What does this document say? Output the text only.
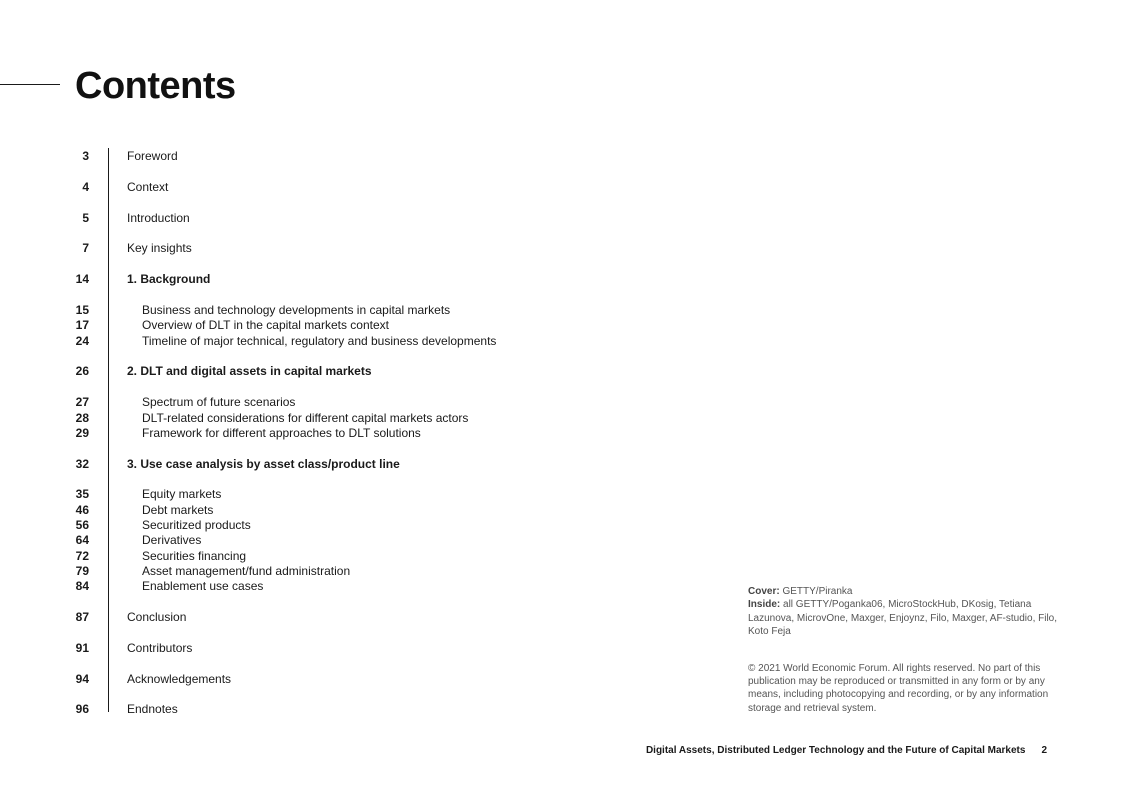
Contents
3	Foreword
4	Context
5	Introduction
7	Key insights
14	1. Background
15	Business and technology developments in capital markets
17	Overview of DLT in the capital markets context
24	Timeline of major technical, regulatory and business developments
26	2. DLT and digital assets in capital markets
27	Spectrum of future scenarios
28	DLT-related considerations for different capital markets actors
29	Framework for different approaches to DLT solutions
32	3. Use case analysis by asset class/product line
35	Equity markets
46	Debt markets
56	Securitized products
64	Derivatives
72	Securities financing
79	Asset management/fund administration
84	Enablement use cases
87	Conclusion
91	Contributors
94	Acknowledgements
96	Endnotes

Cover: GETTY/Piranka

Inside: all GETTY/Poganka06, MicroStockHub, DKosig, Tetiana Lazunova, MicrovOne, Maxger, Enjoynz, Filo, Maxger, AF-studio, Filo, Koto Feja

© 2021 World Economic Forum. All rights reserved. No part of this publication may be reproduced or transmitted in any form or by any means, including photocopying and recording, or by any information storage and retrieval system.

Digital Assets, Distributed Ledger Technology and the Future of Capital Markets 2
